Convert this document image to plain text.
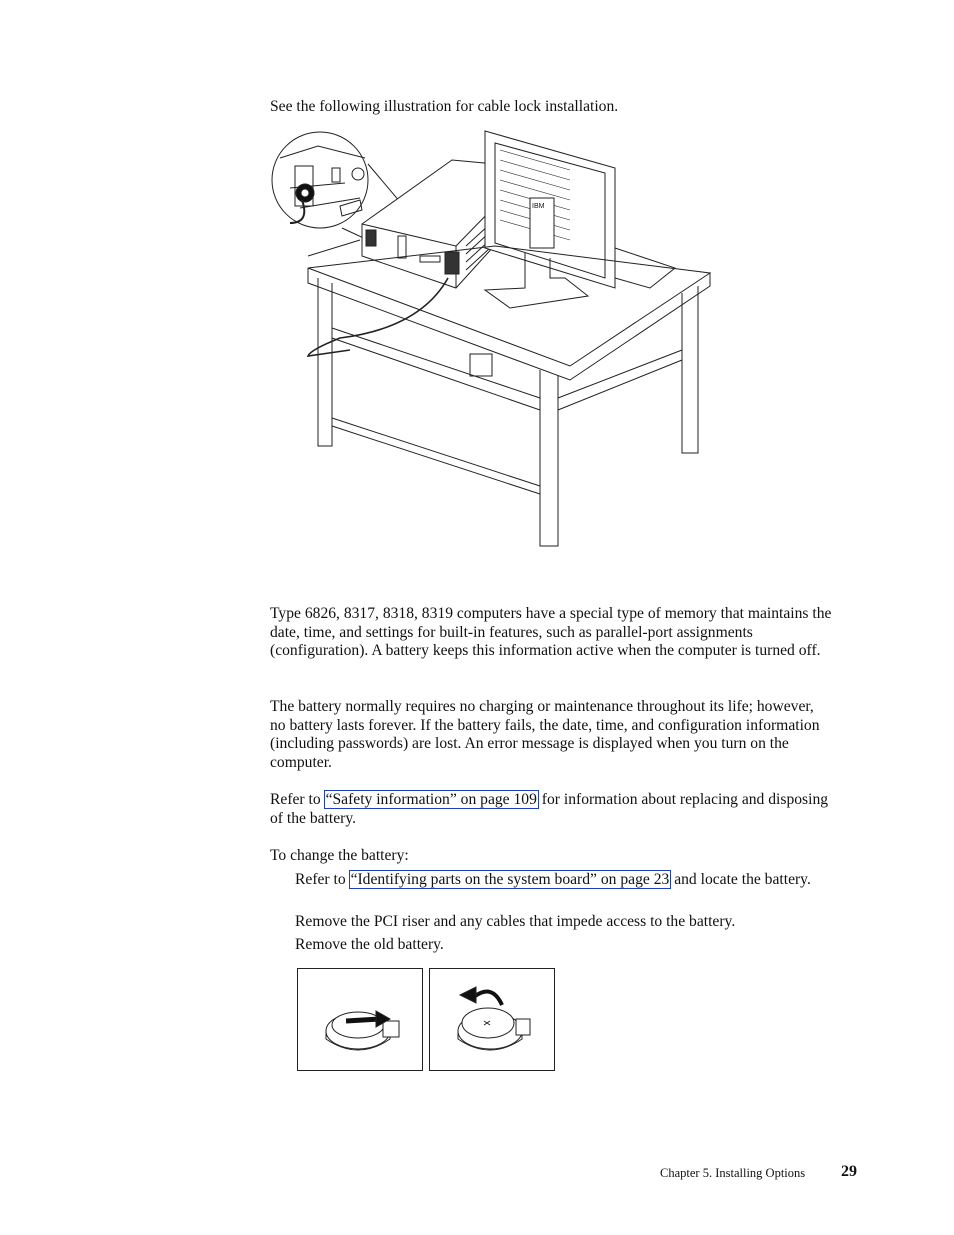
See the following illustration for cable lock installation.

IBM

Type 6826, 8317, 8318, 8319 computers have a special type of memory that maintains the date, time, and settings for built-in features, such as parallel-port assignments (configuration). A battery keeps this information active when the computer is turned off.

The battery normally requires no charging or maintenance throughout its life; however, no battery lasts forever. If the battery fails, the date, time, and configuration information (including passwords) are lost. An error message is displayed when you turn on the computer.

Refer to “Safety information” on page 109 for information about replacing and disposing of the battery.

To change the battery:

Refer to “Identifying parts on the system board” on page 23 and locate the battery.

Remove the PCI riser and any cables that impede access to the battery.

Remove the old battery.

Chapter 5. Installing Options 29
